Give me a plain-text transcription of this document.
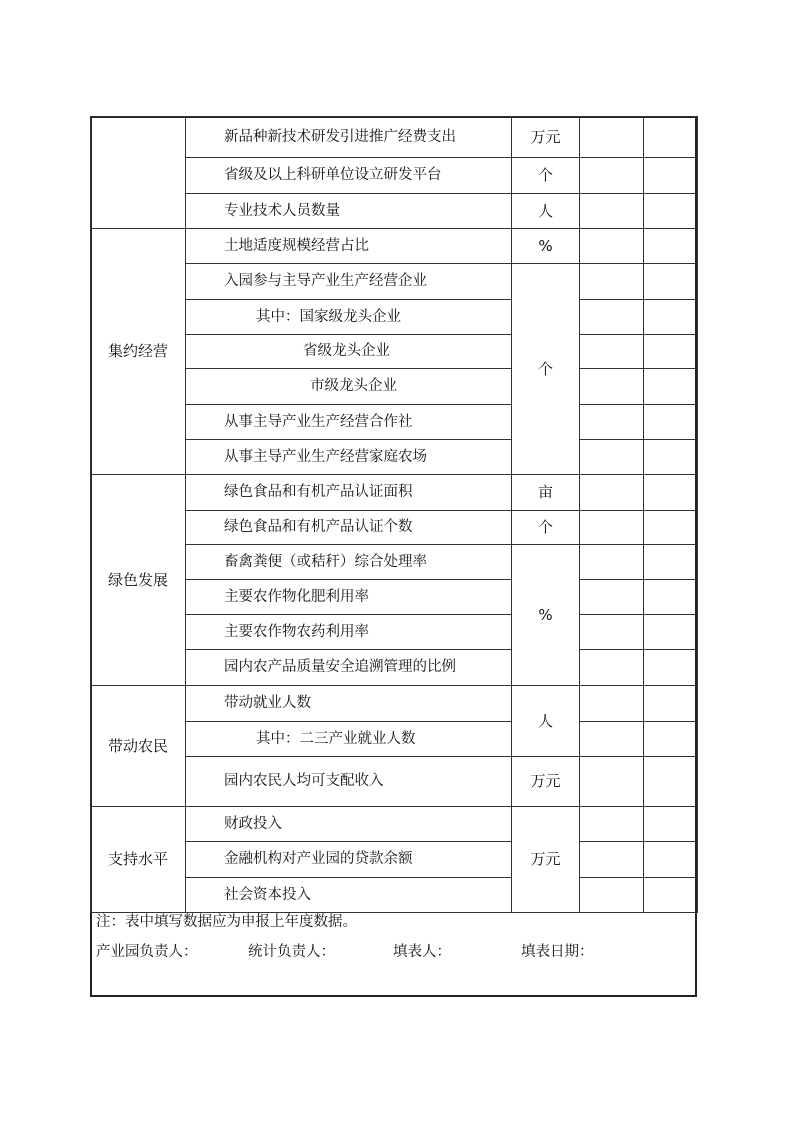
	新品种新技术研发引进推广经费支出	万元		
	省级及以上科研单位设立研发平台	个		
	专业技术人员数量	人		
集约经营	土地适度规模经营占比	%		
	入园参与主导产业生产经营企业	个		
	其中：国家级龙头企业			
	省级龙头企业			
	市级龙头企业			
	从事主导产业生产经营合作社			
	从事主导产业生产经营家庭农场			
绿色发展	绿色食品和有机产品认证面积	亩		
	绿色食品和有机产品认证个数	个		
	畜禽粪便（或秸秆）综合处理率	%		
	主要农作物化肥利用率			
	主要农作物农药利用率			
	园内农产品质量安全追溯管理的比例			
带动农民	带动就业人数	人		
	其中：二三产业就业人数			
	园内农民人均可支配收入	万元		
支持水平	财政投入	万元		
	金融机构对产业园的贷款余额			
	社会资本投入			
注：表中填写数据应为申报上年度数据。
产业园负责人：	统计负责人：	填表人：	填表日期：
